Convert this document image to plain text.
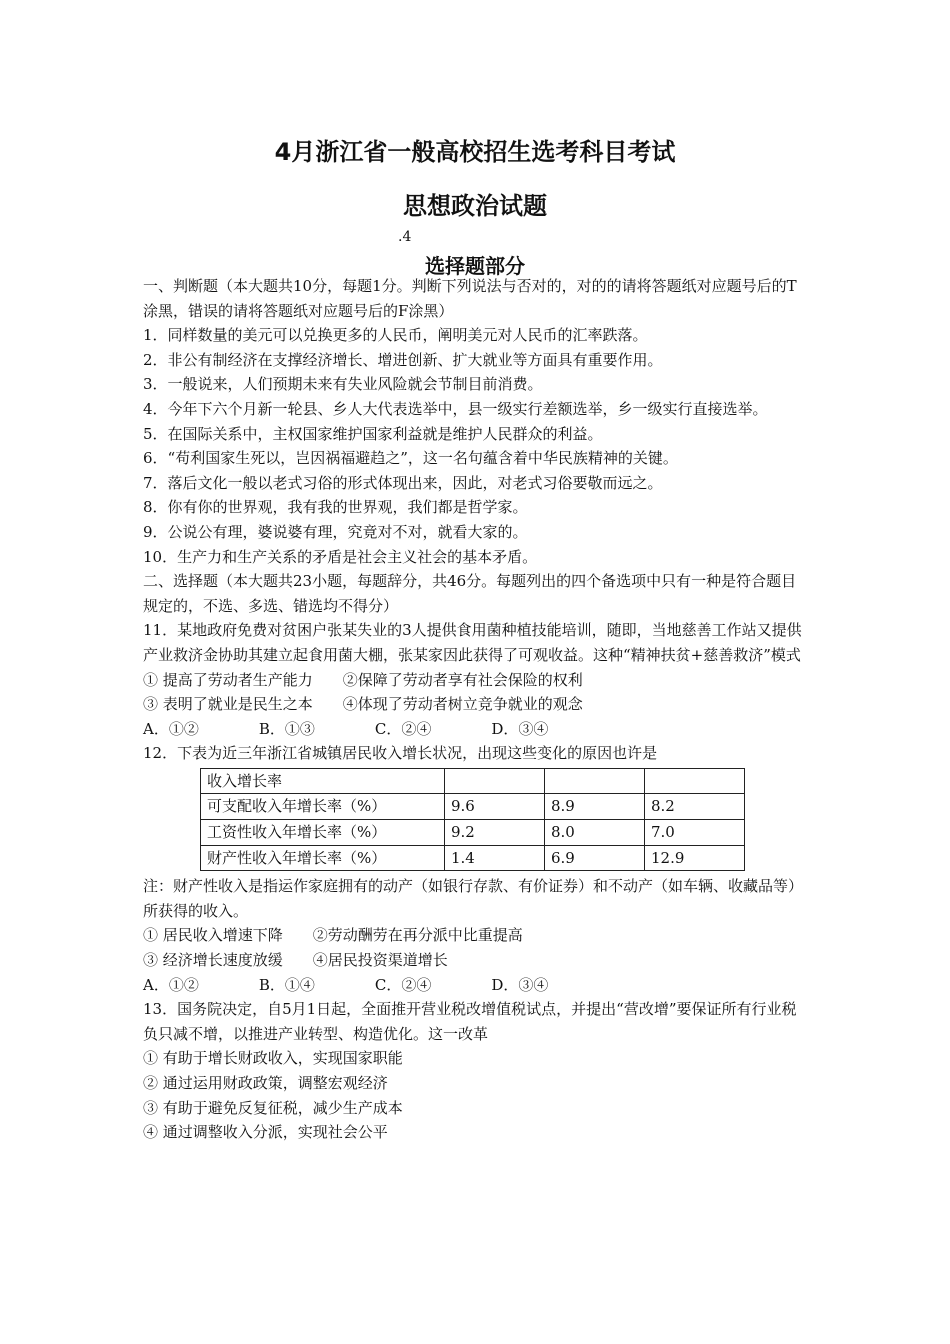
4月浙江省一般高校招生选考科目考试
思想政治试题
.4
选择题部分

一、判断题（本大题共10分，每题1分。判断下列说法与否对的，对的的请将答题纸对应题号后的T涂黑，错误的请将答题纸对应题号后的F涂黑）

1．同样数量的美元可以兑换更多的人民币，阐明美元对人民币的汇率跌落。

2．非公有制经济在支撑经济增长、增进创新、扩大就业等方面具有重要作用。

3．一般说来，人们预期未来有失业风险就会节制目前消费。

4．今年下六个月新一轮县、乡人大代表选举中，县一级实行差额选举，乡一级实行直接选举。

5．在国际关系中，主权国家维护国家利益就是维护人民群众的利益。

6．“苟利国家生死以，岂因祸福避趋之”，这一名句蕴含着中华民族精神的关键。

7．落后文化一般以老式习俗的形式体现出来，因此，对老式习俗要敬而远之。

8．你有你的世界观，我有我的世界观，我们都是哲学家。

9．公说公有理，婆说婆有理，究竟对不对，就看大家的。

10．生产力和生产关系的矛盾是社会主义社会的基本矛盾。

二、选择题（本大题共23小题，每题辞分，共46分。每题列出的四个备选项中只有一种是符合题目规定的，不选、多选、错选均不得分）

11．某地政府免费对贫困户张某失业的3人提供食用菌种植技能培训，随即，当地慈善工作站又提供产业救济金协助其建立起食用菌大棚，张某家因此获得了可观收益。这种“精神扶贫+慈善救济”模式

① 提高了劳动者生产能力　　②保障了劳动者享有社会保险的权利

③ 表明了就业是民生之本　　④体现了劳动者树立竞争就业的观念

A．①②　　　　B．①③　　　　C．②④　　　　D．③④

12．下表为近三年浙江省城镇居民收入增长状况，出现这些变化的原因也许是

收入增长率			
可支配收入年增长率（%）	9.6	8.9	8.2
工资性收入年增长率（%）	9.2	8.0	7.0
财产性收入年增长率（%）	1.4	6.9	12.9

注：财产性收入是指运作家庭拥有的动产（如银行存款、有价证券）和不动产（如车辆、收藏品等）所获得的收入。

① 居民收入增速下降　　②劳动酬劳在再分派中比重提高

③ 经济增长速度放缓　　④居民投资渠道增长

A．①②　　　　B．①④　　　　C．②④　　　　D．③④

13．国务院决定，自5月1日起，全面推开营业税改增值税试点，并提出“营改增”要保证所有行业税负只减不增，以推进产业转型、构造优化。这一改革

① 有助于增长财政收入，实现国家职能

② 通过运用财政政策，调整宏观经济

③ 有助于避免反复征税，减少生产成本

④ 通过调整收入分派，实现社会公平
